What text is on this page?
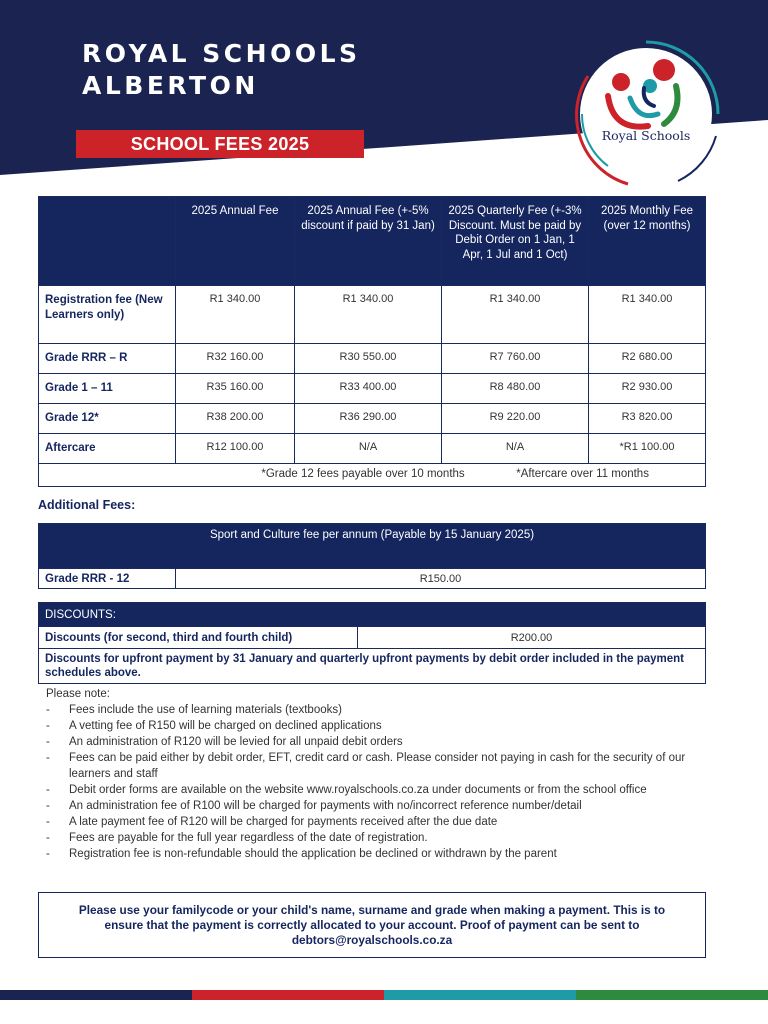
ROYAL SCHOOLS
ALBERTON
SCHOOL FEES 2025	Royal Schools
	2025 Annual Fee	2025 Annual Fee (+-5% discount if paid by 31 Jan)	2025 Quarterly Fee (+-3% Discount. Must be paid by Debit Order on 1 Jan, 1 Apr, 1 Jul and 1 Oct)	2025 Monthly Fee (over 12 months)
Registration fee (New Learners only)	R1 340.00	R1 340.00	R1 340.00	R1 340.00
Grade RRR – R	R32 160.00	R30 550.00	R7 760.00	R2 680.00
Grade 1 – 11	R35 160.00	R33 400.00	R8 480.00	R2 930.00
Grade 12*	R38 200.00	R36 290.00	R9 220.00	R3 820.00
Aftercare	R12 100.00	N/A	N/A	*R1 100.00
*Grade 12 fees payable over 10 months *Aftercare over 11 months				
Additional Fees:
Sport and Culture fee per annum (Payable by 15 January 2025)
Grade RRR - 12	R150.00
DISCOUNTS:
Discounts (for second, third and fourth child)	R200.00
Discounts for upfront payment by 31 January and quarterly upfront payments by debit order included in the payment schedules above.
Please note:
- Fees include the use of learning materials (textbooks)
- A vetting fee of R150 will be charged on declined applications
- An administration of R120 will be levied for all unpaid debit orders
- Fees can be paid either by debit order, EFT, credit card or cash. Please consider not paying in cash for the security of our learners and staff
- Debit order forms are available on the website www.royalschools.co.za under documents or from the school office
- An administration fee of R100 will be charged for payments with no/incorrect reference number/detail
- A late payment fee of R120 will be charged for payments received after the due date
- Fees are payable for the full year regardless of the date of registration.
- Registration fee is non-refundable should the application be declined or withdrawn by the parent

Please use your familycode or your child's name, surname and grade when making a payment. This is to ensure that the payment is correctly allocated to your account. Proof of payment can be sent to debtors@royalschools.co.za
